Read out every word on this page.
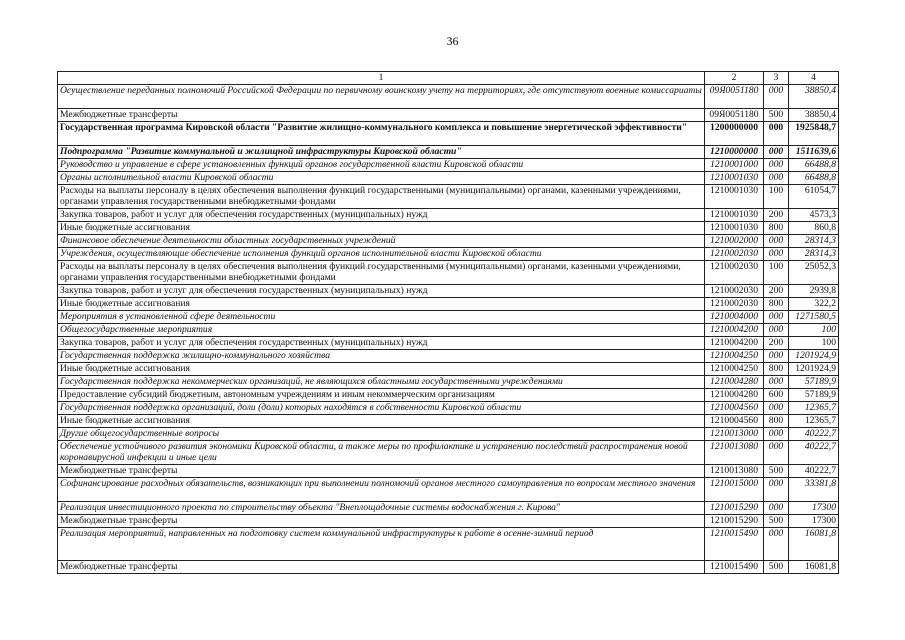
36
1	2	3	4
Осуществление переданных полномочий Российской Федерации по первичному воинскому учету на территориях, где отсутствуют военные комиссариаты	09Я0051180	000	38850,4
Межбюджетные трансферты	09Я0051180	500	38850,4
Государственная программа Кировской области "Развитие жилищно-коммунального комплекса и повышение энергетической эффективности"	1200000000	000	1925848,7
Подпрограмма "Развитие коммунальной и жилищной инфраструктуры Кировской области"	1210000000	000	1511639,6
Руководство и управление в сфере установленных функций органов государственной власти Кировской области	1210001000	000	66488,8
Органы исполнительной власти Кировской области	1210001030	000	66488,8
Расходы на выплаты персоналу в целях обеспечения выполнения функций государственными (муниципальными) органами, казенными учреждениями, органами управления государственными внебюджетными фондами	1210001030	100	61054,7
Закупка товаров, работ и услуг для обеспечения государственных (муниципальных) нужд	1210001030	200	4573,3
Иные бюджетные ассигнования	1210001030	800	860,8
Финансовое обеспечение деятельности областных государственных учреждений	1210002000	000	28314,3
Учреждения, осуществляющие обеспечение исполнения функций органов исполнительной власти Кировской области	1210002030	000	28314,3
Расходы на выплаты персоналу в целях обеспечения выполнения функций государственными (муниципальными) органами, казенными учреждениями, органами управления государственными внебюджетными фондами	1210002030	100	25052,3
Закупка товаров, работ и услуг для обеспечения государственных (муниципальных) нужд	1210002030	200	2939,8
Иные бюджетные ассигнования	1210002030	800	322,2
Мероприятия в установленной сфере деятельности	1210004000	000	1271580,5
Общегосударственные мероприятия	1210004200	000	100
Закупка товаров, работ и услуг для обеспечения государственных (муниципальных) нужд	1210004200	200	100
Государственная поддержка жилищно-коммунального хозяйства	1210004250	000	1201924,9
Иные бюджетные ассигнования	1210004250	800	1201924,9
Государственная поддержка некоммерческих организаций, не являющихся областными государственными учреждениями	1210004280	000	57189,9
Предоставление субсидий бюджетным, автономным учреждениям и иным некоммерческим организациям	1210004280	600	57189,9
Государственная поддержка организаций, доли (доли) которых находятся в собственности Кировской области	1210004560	000	12365,7
Иные бюджетные ассигнования	1210004560	800	12365,7
Другие общегосударственные вопросы	1210013000	000	40222,7
Обеспечение устойчивого развития экономики Кировской области, а также меры по профилактике и устранению последствий распространения новой коронавирусной инфекции и иные цели	1210013080	000	40222,7
Межбюджетные трансферты	1210013080	500	40222,7
Софинансирование расходных обязательств, возникающих при выполнении полномочий органов местного самоуправления по вопросам местного значения	1210015000	000	33381,8
Реализация инвестиционного проекта по строительству объекта "Внеплощадочные системы водоснабжения г. Кирова"	1210015290	000	17300
Межбюджетные трансферты	1210015290	500	17300
Реализация мероприятий, направленных на подготовку систем коммунальной инфраструктуры к работе в осенне-зимний период	1210015490	000	16081,8
Межбюджетные трансферты	1210015490	500	16081,8
